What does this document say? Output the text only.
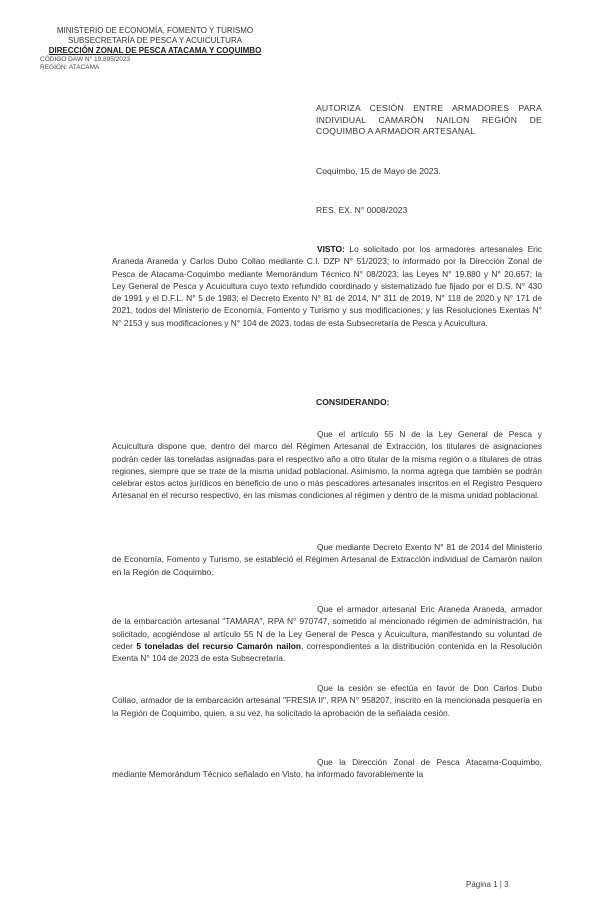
MINISTERIO DE ECONOMÍA, FOMENTO Y TURISMO
SUBSECRETARÍA DE PESCA Y ACUICULTURA
DIRECCIÓN ZONAL DE PESCA ATACAMA Y COQUIMBO
CÓDIGO DAW N° 19.895/2023
REGIÓN: ATACAMA
AUTORIZA CESIÓN ENTRE ARMADORES PARA INDIVIDUAL CAMARÓN NAILON REGIÓN DE COQUIMBO A ARMADOR ARTESANAL
Coquimbo, 15 de Mayo de 2023.
RES. EX. N° 0008/2023
VISTO: Lo solicitado por los armadores artesanales Eric Araneda Araneda y Carlos Dubo Collao mediante C.I. DZP N° 51/2023; lo informado por la Dirección Zonal de Pesca de Atacama-Coquimbo mediante Memorándum Técnico N° 08/2023; las Leyes N° 19.880 y N° 20.657; la Ley General de Pesca y Acuicultura cuyo texto refundido coordinado y sistematizado fue fijado por el D.S. N° 430 de 1991 y el D.F.L. N° 5 de 1983; el Decreto Exento N° 81 de 2014, N° 311 de 2019, N° 118 de 2020 y N° 171 de 2021, todos del Ministerio de Economía, Fomento y Turismo y sus modificaciones; y las Resoluciones Exentas N° N° 2153 y sus modificaciones y N° 104 de 2023, todas de esta Subsecretaría de Pesca y Acuicultura.
CONSIDERANDO:
Que el artículo 55 N de la Ley General de Pesca y Acuicultura dispone que, dentro del marco del Régimen Artesanal de Extracción, los titulares de asignaciones podrán ceder las toneladas asignadas para el respectivo año a otro titular de la misma región o a titulares de otras regiones, siempre que se trate de la misma unidad poblacional. Asimismo, la norma agrega que también se podrán celebrar estos actos jurídicos en beneficio de uno o más pescadores artesanales inscritos en el Registro Pesquero Artesanal en el recurso respectivo, en las mismas condiciones al régimen y dentro de la misma unidad poblacional.
Que mediante Decreto Exento N° 81 de 2014 del Ministerio de Economía, Fomento y Turismo, se estableció el Régimen Artesanal de Extracción individual de Camarón nailon en la Región de Coquimbo.
Que el armador artesanal Eric Araneda Araneda, armador de la embarcación artesanal "TAMARA", RPA N° 970747, sometido al mencionado régimen de administración, ha solicitado, acogiéndose al artículo 55 N de la Ley General de Pesca y Acuicultura, manifestando su voluntad de ceder 5 toneladas del recurso Camarón nailon, correspondientes a la distribución contenida en la Resolución Exenta N° 104 de 2023 de esta Subsecretaría.
Que la cesión se efectúa en favor de Don Carlos Dubo Collao, armador de la embarcación artesanal "FRESIA II", RPA N° 958207, inscrito en la mencionada pesquería en la Región de Coquimbo, quien, a su vez, ha solicitado la aprobación de la señalada cesión.
Que la Dirección Zonal de Pesca Atacama-Coquimbo, mediante Memorándum Técnico señalado en Visto, ha informado favorablemente la
Página 1 | 3
